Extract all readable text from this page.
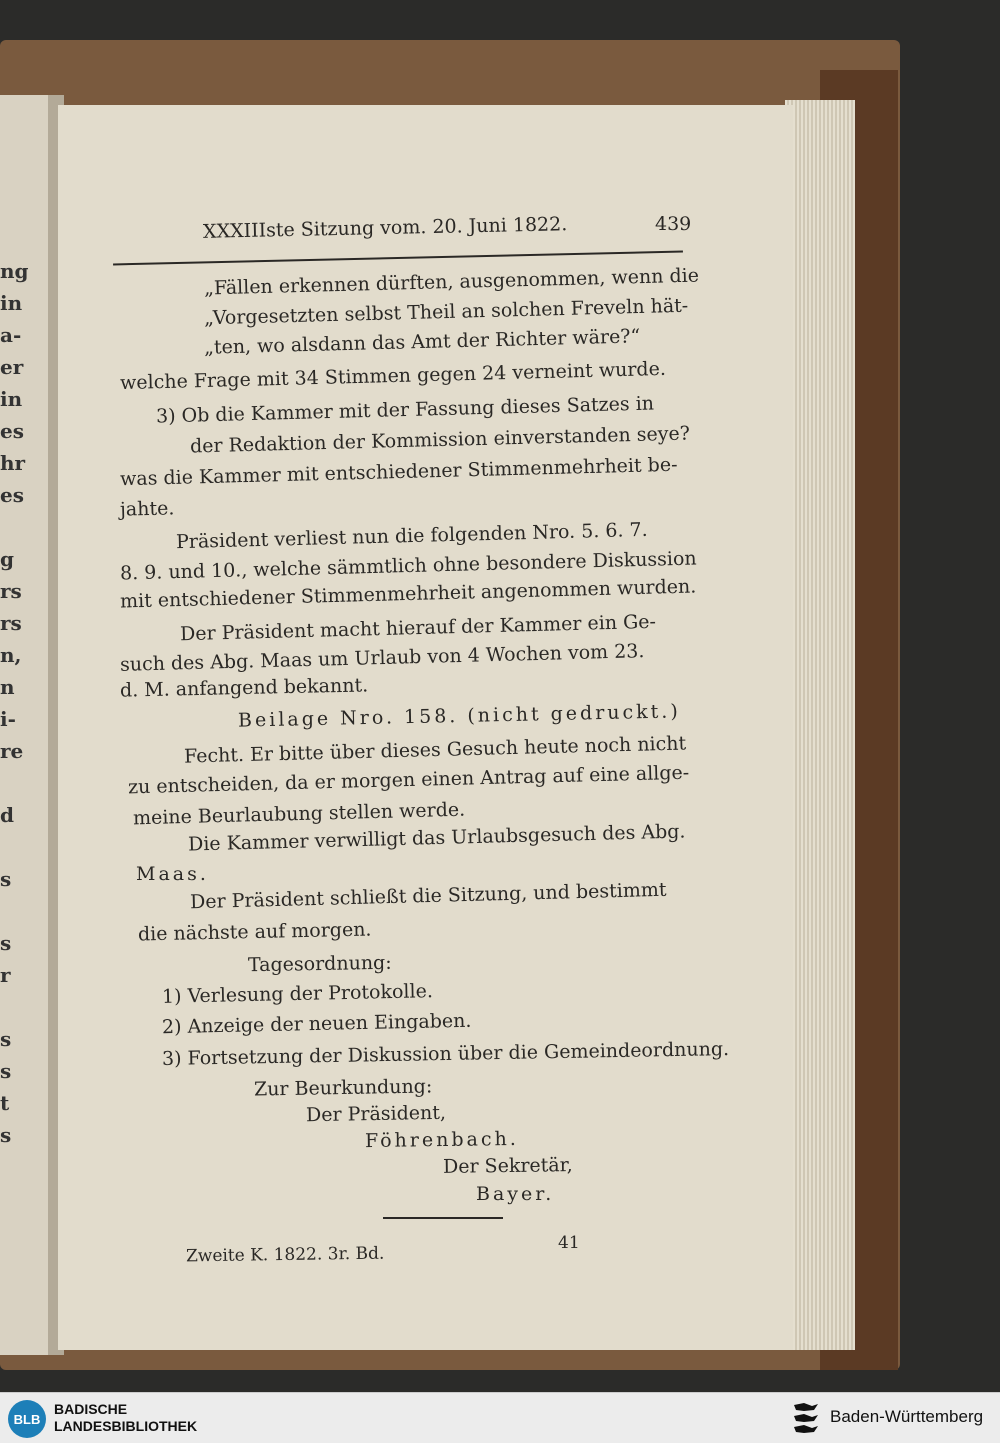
ng
in
a-
er
in
es
hr
es
g
rs
rs
n,
n
i-
re
d
s
s
r
s
s
t
s
XXXIIIste Sitzung vom. 20. Juni 1822.	439
„Fällen erkennen dürften, ausgenommen, wenn die
„Vorgesetzten selbst Theil an solchen Freveln hät-
„ten, wo alsdann das Amt der Richter wäre?“
welche Frage mit 34 Stimmen gegen 24 verneint wurde.
3) Ob die Kammer mit der Fassung dieses Satzes in
der Redaktion der Kommission einverstanden seye?
was die Kammer mit entschiedener Stimmenmehrheit be-
jahte.
Präsident verliest nun die folgenden Nro. 5. 6. 7.
8. 9. und 10., welche sämmtlich ohne besondere Diskussion
mit entschiedener Stimmenmehrheit angenommen wurden.
Der Präsident macht hierauf der Kammer ein Ge-
such des Abg. Maas um Urlaub von 4 Wochen vom 23.
d. M. anfangend bekannt.
Beilage Nro. 158. (nicht gedruckt.)
Fecht. Er bitte über dieses Gesuch heute noch nicht
zu entscheiden, da er morgen einen Antrag auf eine allge-
meine Beurlaubung stellen werde.
Die Kammer verwilligt das Urlaubsgesuch des Abg.
Maas.
Der Präsident schließt die Sitzung, und bestimmt
die nächste auf morgen.
Tagesordnung:
1) Verlesung der Protokolle.
2) Anzeige der neuen Eingaben.
3) Fortsetzung der Diskussion über die Gemeindeordnung.
Zur Beurkundung:
Der Präsident,
Föhrenbach.
Der Sekretär,
Bayer.
Zweite K. 1822. 3r. Bd.
41
BLB
BADISCHE
LANDESBIBLIOTHEK	Baden-Württemberg
